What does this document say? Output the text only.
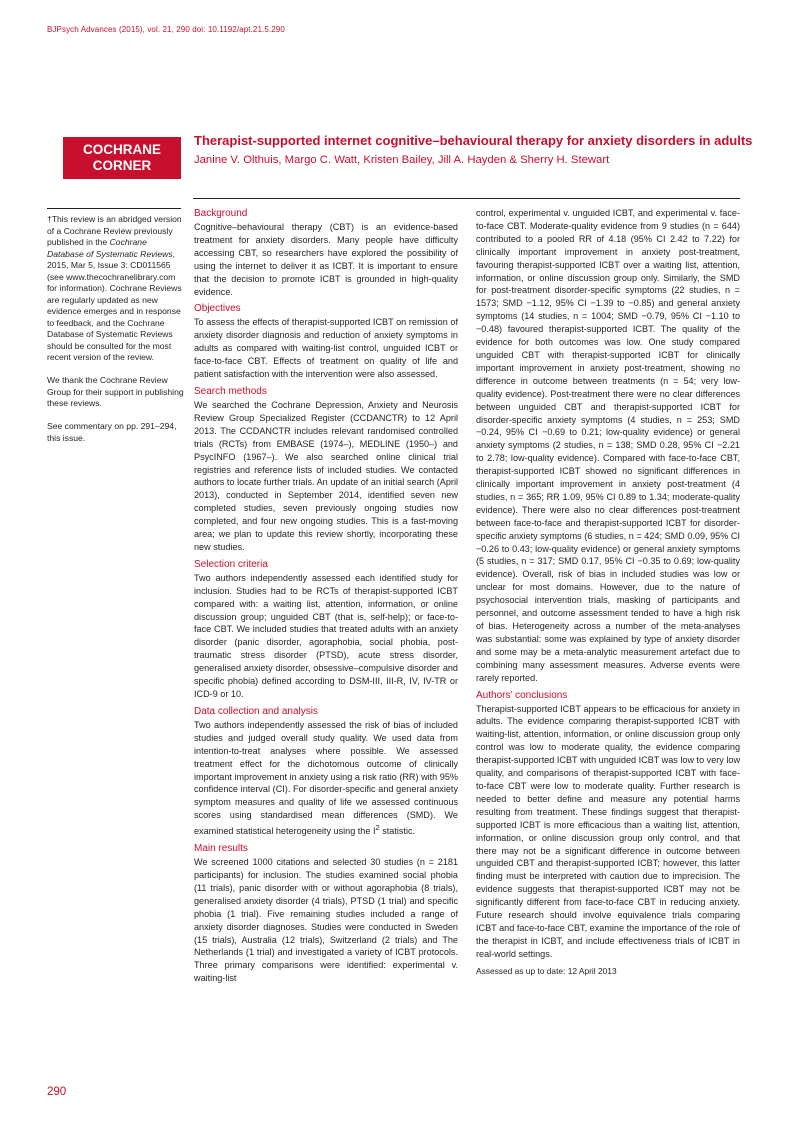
BJPsych Advances (2015), vol. 21, 290 doi: 10.1192/apt.21.5.290
COCHRANE
CORNER
Therapist-supported internet cognitive–behavioural therapy for anxiety disorders in adults
Janine V. Olthuis, Margo C. Watt, Kristen Bailey, Jill A. Hayden & Sherry H. Stewart

†This review is an abridged version of a Cochrane Review previously published in the Cochrane Database of Systematic Reviews, 2015, Mar 5, Issue 3: CD011565 (see www.thecochranelibrary.com for information). Cochrane Reviews are regularly updated as new evidence emerges and in response to feedback, and the Cochrane Database of Systematic Reviews should be consulted for the most recent version of the review.

We thank the Cochrane Review Group for their support in publishing these reviews.

See commentary on pp. 291–294, this issue.

Background

Cognitive–behavioural therapy (CBT) is an evidence-based treatment for anxiety disorders. Many people have difficulty accessing CBT, so researchers have explored the possibility of using the internet to deliver it as ICBT. It is important to ensure that the decision to promote ICBT is grounded in high-quality evidence.

Objectives

To assess the effects of therapist-supported ICBT on remission of anxiety disorder diagnosis and reduction of anxiety symptoms in adults as compared with waiting-list control, unguided ICBT or face-to-face CBT. Effects of treatment on quality of life and patient satisfaction with the intervention were also assessed.

Search methods

We searched the Cochrane Depression, Anxiety and Neurosis Review Group Specialized Register (CCDANCTR) to 12 April 2013. The CCDANCTR includes relevant randomised controlled trials (RCTs) from EMBASE (1974–), MEDLINE (1950–) and PsycINFO (1967–). We also searched online clinical trial registries and reference lists of included studies. We contacted authors to locate further trials. An update of an initial search (April 2013), conducted in September 2014, identified seven new completed studies, seven previously ongoing studies now completed, and four new ongoing studies. This is a fast-moving area; we plan to update this review shortly, incorporating these new studies.

Selection criteria

Two authors independently assessed each identified study for inclusion. Studies had to be RCTs of therapist-supported ICBT compared with: a waiting list, attention, information, or online discussion group; unguided CBT (that is, self-help); or face-to-face CBT. We included studies that treated adults with an anxiety disorder (panic disorder, agoraphobia, social phobia, post-traumatic stress disorder (PTSD), acute stress disorder, generalised anxiety disorder, obsessive–compulsive disorder and specific phobia) defined according to DSM-III, III-R, IV, IV-TR or ICD-9 or 10.

Data collection and analysis

Two authors independently assessed the risk of bias of included studies and judged overall study quality. We used data from intention-to-treat analyses where possible. We assessed treatment effect for the dichotomous outcome of clinically important improvement in anxiety using a risk ratio (RR) with 95% confidence interval (CI). For disorder-specific and general anxiety symptom measures and quality of life we assessed continuous scores using standardised mean differences (SMD). We examined statistical heterogeneity using the $I^2$ statistic.

Main results

We screened 1000 citations and selected 30 studies (n = 2181 participants) for inclusion. The studies examined social phobia (11 trials), panic disorder with or without agoraphobia (8 trials), generalised anxiety disorder (4 trials), PTSD (1 trial) and specific phobia (1 trial). Five remaining studies included a range of anxiety disorder diagnoses. Studies were conducted in Sweden (15 trials), Australia (12 trials), Switzerland (2 trials) and The Netherlands (1 trial) and investigated a variety of ICBT protocols. Three primary comparisons were identified: experimental v. waiting-list

control, experimental v. unguided ICBT, and experimental v. face-to-face CBT. Moderate-quality evidence from 9 studies (n = 644) contributed to a pooled RR of 4.18 (95% CI 2.42 to 7.22) for clinically important improvement in anxiety post-treatment, favouring therapist-supported ICBT over a waiting list, attention, information, or online discussion group only. Similarly, the SMD for post-treatment disorder-specific symptoms (22 studies, n = 1573; SMD −1.12, 95% CI −1.39 to −0.85) and general anxiety symptoms (14 studies, n = 1004; SMD −0.79, 95% CI −1.10 to −0.48) favoured therapist-supported ICBT. The quality of the evidence for both outcomes was low. One study compared unguided CBT with therapist-supported ICBT for clinically important improvement in anxiety post-treatment, showing no difference in outcome between treatments (n = 54; very low-quality evidence). Post-treatment there were no clear differences between unguided CBT and therapist-supported ICBT for disorder-specific anxiety symptoms (4 studies, n = 253; SMD −0.24, 95% CI −0.69 to 0.21; low-quality evidence) or general anxiety symptoms (2 studies, n = 138; SMD 0.28, 95% CI −2.21 to 2.78; low-quality evidence). Compared with face-to-face CBT, therapist-supported ICBT showed no significant differences in clinically important improvement in anxiety post-treatment (4 studies, n = 365; RR 1.09, 95% CI 0.89 to 1.34; moderate-quality evidence). There were also no clear differences post-treatment between face-to-face and therapist-supported ICBT for disorder-specific anxiety symptoms (6 studies, n = 424; SMD 0.09, 95% CI −0.26 to 0.43; low-quality evidence) or general anxiety symptoms (5 studies, n = 317; SMD 0.17, 95% CI −0.35 to 0.69; low-quality evidence). Overall, risk of bias in included studies was low or unclear for most domains. However, due to the nature of psychosocial intervention trials, masking of participants and personnel, and outcome assessment tended to have a high risk of bias. Heterogeneity across a number of the meta-analyses was substantial: some was explained by type of anxiety disorder and some may be a meta-analytic measurement artefact due to combining many assessment measures. Adverse events were rarely reported.

Authors’ conclusions

Therapist-supported ICBT appears to be efficacious for anxiety in adults. The evidence comparing therapist-supported ICBT with waiting-list, attention, information, or online discussion group only control was low to moderate quality, the evidence comparing therapist-supported ICBT with unguided ICBT was low to very low quality, and comparisons of therapist-supported ICBT with face-to-face CBT were low to moderate quality. Further research is needed to better define and measure any potential harms resulting from treatment. These findings suggest that therapist-supported ICBT is more efficacious than a waiting list, attention, information, or online discussion group only control, and that there may not be a significant difference in outcome between unguided CBT and therapist-supported ICBT; however, this latter finding must be interpreted with caution due to imprecision. The evidence suggests that therapist-supported ICBT may not be significantly different from face-to-face CBT in reducing anxiety. Future research should involve equivalence trials comparing ICBT and face-to-face CBT, examine the importance of the role of the therapist in ICBT, and include effectiveness trials of ICBT in real-world settings.

Assessed as up to date: 12 April 2013
290
